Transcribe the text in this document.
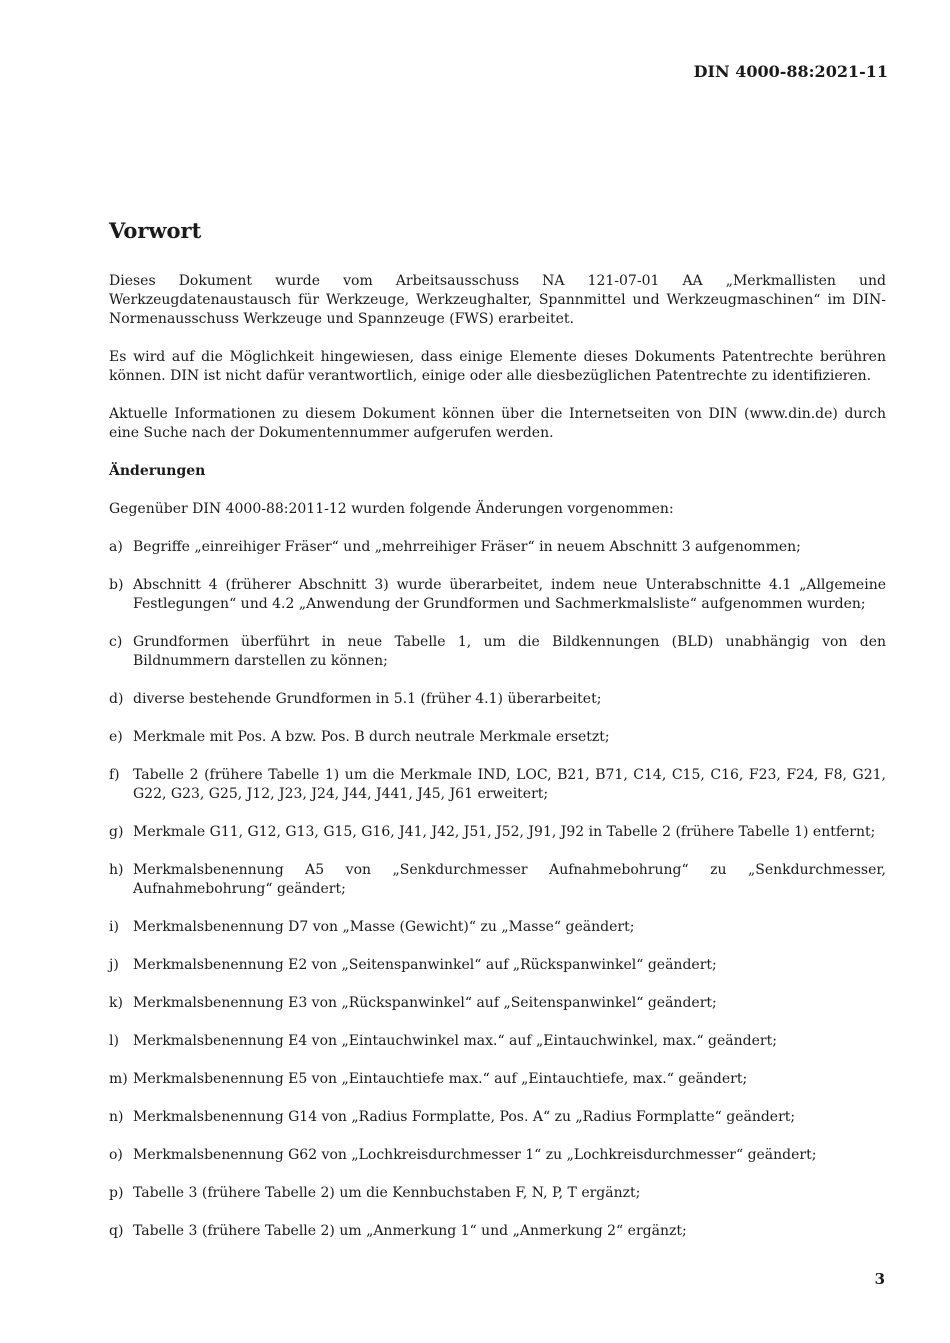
DIN 4000-88:2021-11
Vorwort

Dieses Dokument wurde vom Arbeitsausschuss NA 121-07-01 AA „Merkmallisten und Werkzeugdatenaustausch für Werkzeuge, Werkzeughalter, Spannmittel und Werkzeugmaschinen“ im DIN-Normenausschuss Werkzeuge und Spannzeuge (FWS) erarbeitet.

Es wird auf die Möglichkeit hingewiesen, dass einige Elemente dieses Dokuments Patentrechte berühren können. DIN ist nicht dafür verantwortlich, einige oder alle diesbezüglichen Patentrechte zu identifizieren.

Aktuelle Informationen zu diesem Dokument können über die Internetseiten von DIN (www.din.de) durch eine Suche nach der Dokumentennummer aufgerufen werden.

Änderungen

Gegenüber DIN 4000-88:2011-12 wurden folgende Änderungen vorgenommen:

a) Begriffe „einreihiger Fräser“ und „mehrreihiger Fräser“ in neuem Abschnitt 3 aufgenommen;
b) Abschnitt 4 (früherer Abschnitt 3) wurde überarbeitet, indem neue Unterabschnitte 4.1 „Allgemeine Festlegungen“ und 4.2 „Anwendung der Grundformen und Sachmerkmalsliste“ aufgenommen wurden;
c) Grundformen überführt in neue Tabelle 1, um die Bildkennungen (BLD) unabhängig von den Bildnummern darstellen zu können;
d) diverse bestehende Grundformen in 5.1 (früher 4.1) überarbeitet;
e) Merkmale mit Pos. A bzw. Pos. B durch neutrale Merkmale ersetzt;
f) Tabelle 2 (frühere Tabelle 1) um die Merkmale IND, LOC, B21, B71, C14, C15, C16, F23, F24, F8, G21, G22, G23, G25, J12, J23, J24, J44, J441, J45, J61 erweitert;
g) Merkmale G11, G12, G13, G15, G16, J41, J42, J51, J52, J91, J92 in Tabelle 2 (frühere Tabelle 1) entfernt;
h) Merkmalsbenennung A5 von „Senkdurchmesser Aufnahmebohrung“ zu „Senkdurchmesser, Aufnahmebohrung“ geändert;
i) Merkmalsbenennung D7 von „Masse (Gewicht)“ zu „Masse“ geändert;
j) Merkmalsbenennung E2 von „Seitenspanwinkel“ auf „Rückspanwinkel“ geändert;
k) Merkmalsbenennung E3 von „Rückspanwinkel“ auf „Seitenspanwinkel“ geändert;
l) Merkmalsbenennung E4 von „Eintauchwinkel max.“ auf „Eintauchwinkel, max.“ geändert;
m) Merkmalsbenennung E5 von „Eintauchtiefe max.“ auf „Eintauchtiefe, max.“ geändert;
n) Merkmalsbenennung G14 von „Radius Formplatte, Pos. A“ zu „Radius Formplatte“ geändert;
o) Merkmalsbenennung G62 von „Lochkreisdurchmesser 1“ zu „Lochkreisdurchmesser“ geändert;
p) Tabelle 3 (frühere Tabelle 2) um die Kennbuchstaben F, N, P, T ergänzt;
q) Tabelle 3 (frühere Tabelle 2) um „Anmerkung 1“ und „Anmerkung 2“ ergänzt;
3
